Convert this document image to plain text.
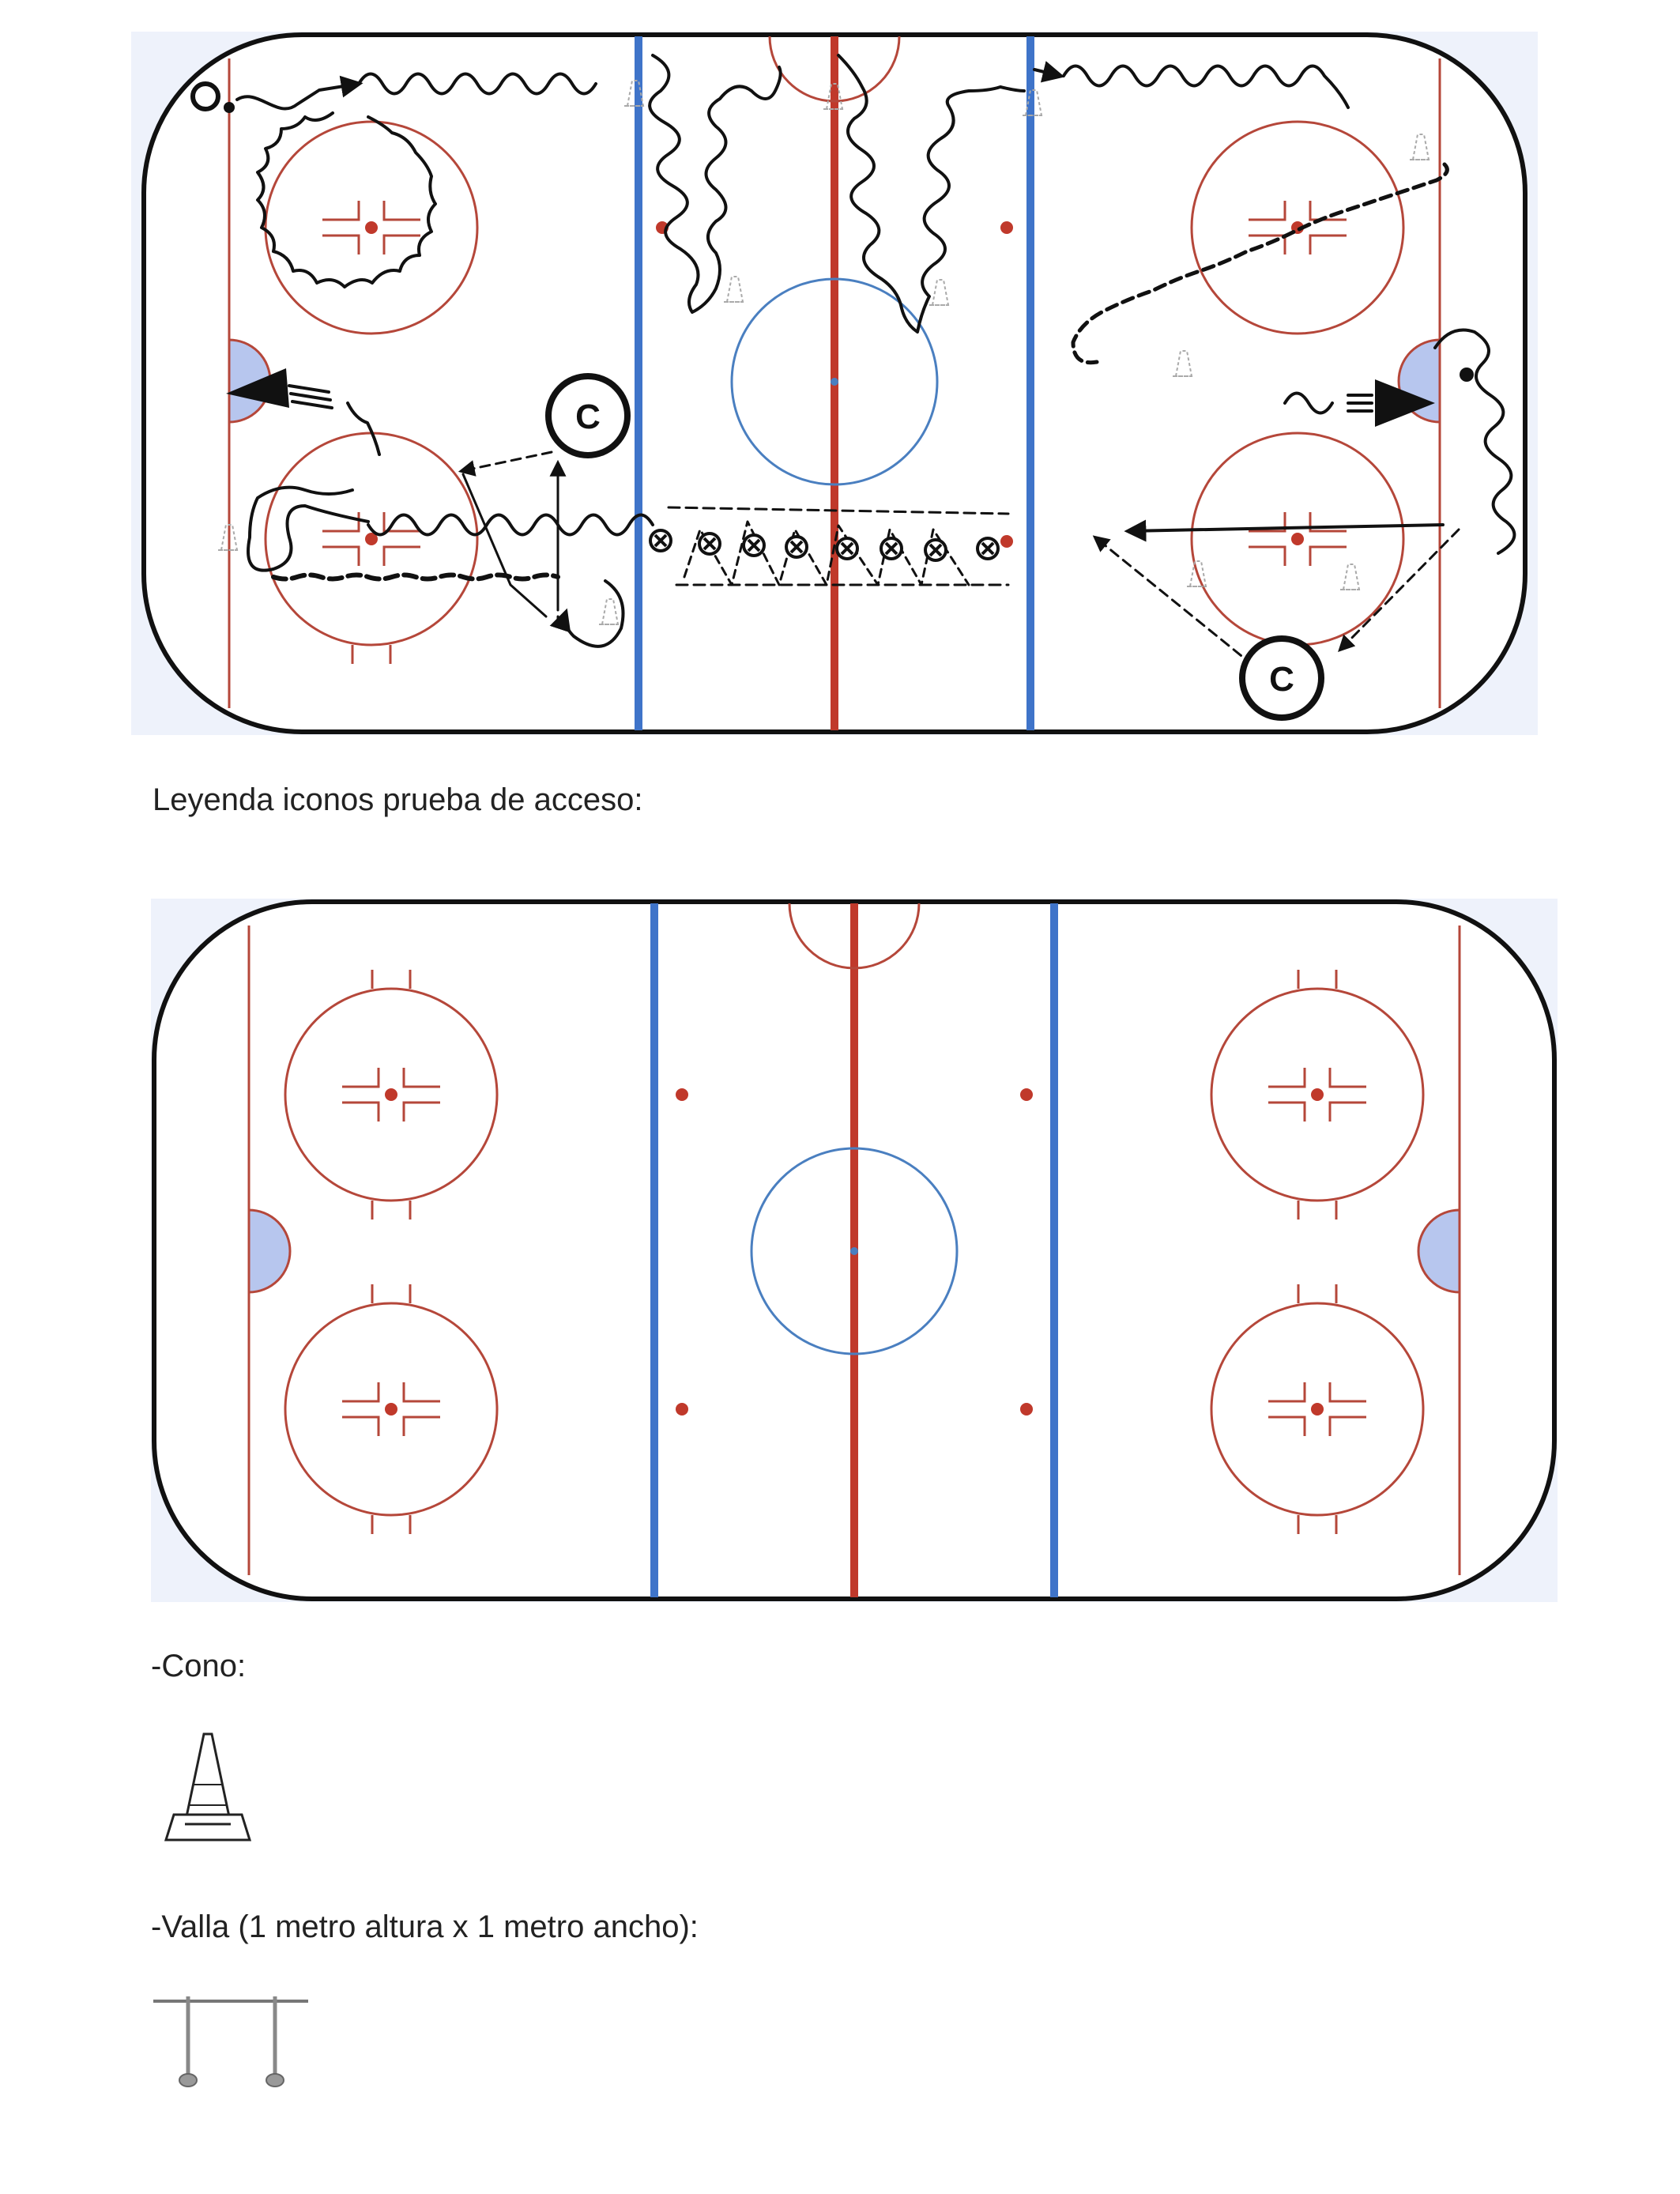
C
C
Leyenda iconos prueba de acceso:
-Cono:
-Valla (1 metro altura x 1 metro ancho):
